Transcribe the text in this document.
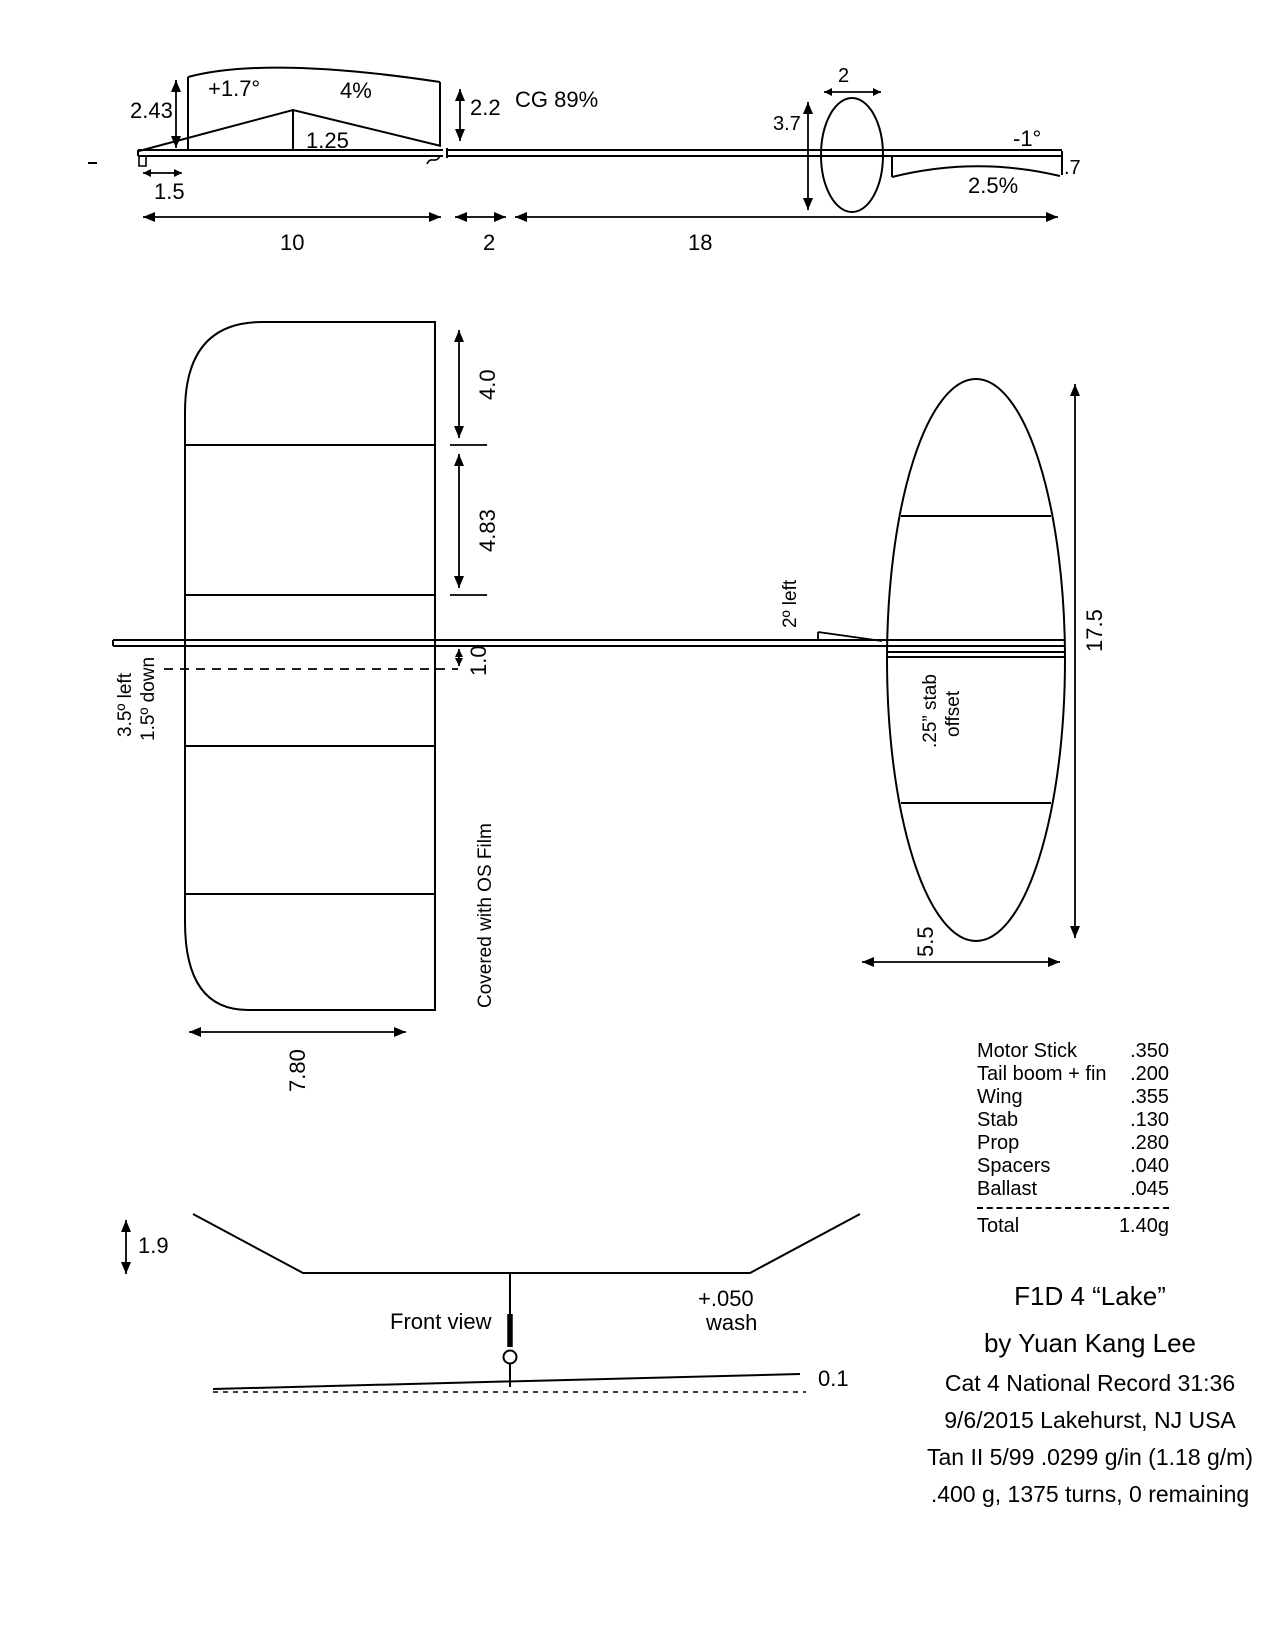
2.43
+1.7°	4%
1.25
2.2 CG 89%
1.5
10	2	18
2
3.7
-1°
2.5%
.7
4.0
4.83
1.0
3.5º left 1.5º down
Covered with OS Film
7.80
2º left
.25” stab offset
17.5
5.5
1.9
Front view
+.050
wash
0.1
Motor Stick	.350
Tail boom + fin .200
Wing	.355
Stab	.130
Prop	.280
Spacers	.040
Ballast	.045
Total	1.40g
F1D 4 “Lake”
by Yuan Kang Lee
Cat 4 National Record 31:36
9/6/2015 Lakehurst, NJ USA
Tan II 5/99 .0299 g/in (1.18 g/m)
.400 g, 1375 turns, 0 remaining
